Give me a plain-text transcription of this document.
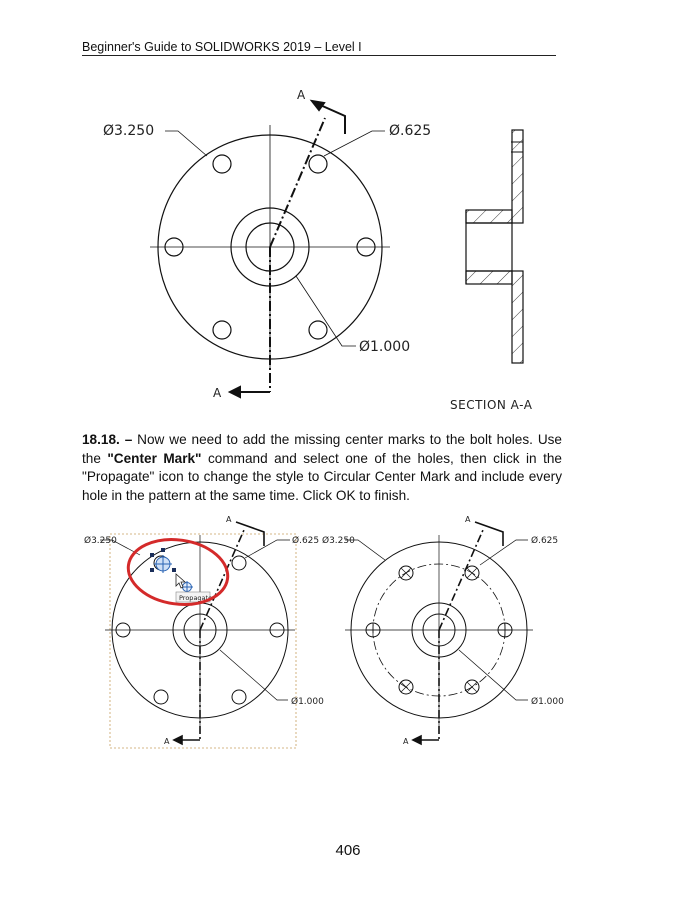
Beginner's Guide to SOLIDWORKS 2019 – Level I
Ø3.250	Ø.625
Ø1.000
A
A
SECTION A-A
18.18. – Now we need to add the missing center marks to the bolt holes. Use the "Center Mark" command and select one of the holes, then click in the "Propagate" icon to change the style to Circular Center Mark and include every hole in the pattern at the same time. Click OK to finish.
Propagate
Ø3.250	Ø.625
Ø1.000
A
A
Ø3.250	Ø.625
Ø1.000
A
A
406
